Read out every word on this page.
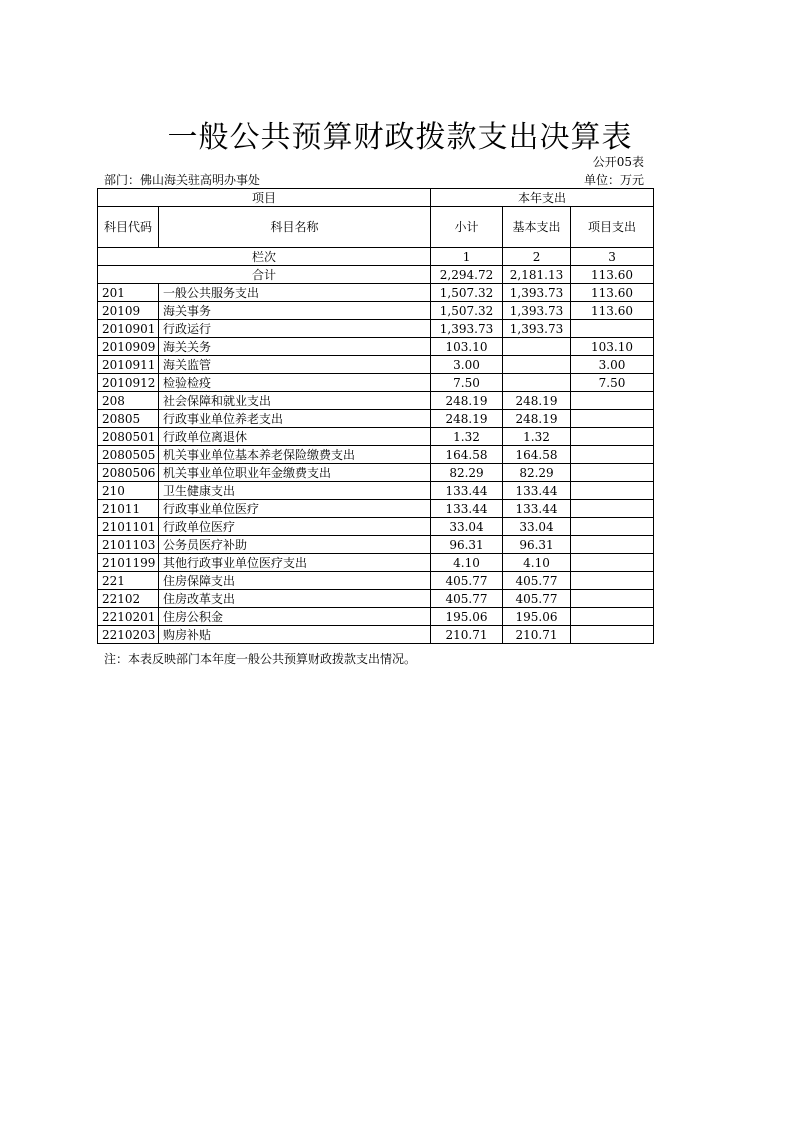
一般公共预算财政拨款支出决算表
公开05表
部门：佛山海关驻高明办事处	单位：万元
项目		本年支出		
科目代码	科目名称	小计	基本支出	项目支出
栏次		1	2	3
合计		2,294.72	2,181.13	113.60
201	一般公共服务支出	1,507.32	1,393.73	113.60
20109	海关事务	1,507.32	1,393.73	113.60
2010901	行政运行	1,393.73	1,393.73	
2010909	海关关务	103.10		103.10
2010911	海关监管	3.00		3.00
2010912	检验检疫	7.50		7.50
208	社会保障和就业支出	248.19	248.19	
20805	行政事业单位养老支出	248.19	248.19	
2080501	行政单位离退休	1.32	1.32	
2080505	机关事业单位基本养老保险缴费支出	164.58	164.58	
2080506	机关事业单位职业年金缴费支出	82.29	82.29	
210	卫生健康支出	133.44	133.44	
21011	行政事业单位医疗	133.44	133.44	
2101101	行政单位医疗	33.04	33.04	
2101103	公务员医疗补助	96.31	96.31	
2101199	其他行政事业单位医疗支出	4.10	4.10	
221	住房保障支出	405.77	405.77	
22102	住房改革支出	405.77	405.77	
2210201	住房公积金	195.06	195.06	
2210203	购房补贴	210.71	210.71	
注：本表反映部门本年度一般公共预算财政拨款支出情况。
